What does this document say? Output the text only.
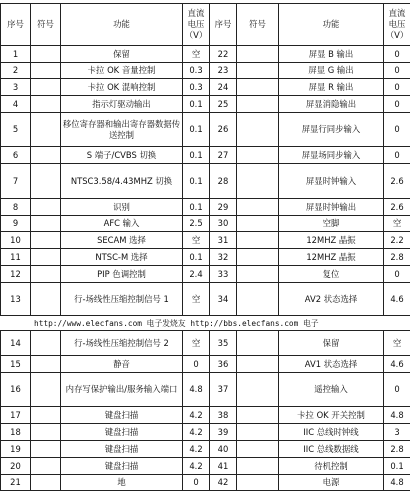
序号	符号	功能	直流电压（V）	序号	符号	功能	直流电压（V）
1		保留	空	22		屏显 B 输出	0
2		卡拉 OK 音量控制	0.3	23		屏显 G 输出	0
3		卡拉 OK 混响控制	0.3	24		屏显 R 输出	0
4		指示灯驱动输出	0.1	25		屏显消隐输出	0
5		移位寄存器和输出寄存器数据传送控制	0.1	26		屏显行同步输入	0
6		S 端子/CVBS 切换	0.1	27		屏显场同步输入	0
7		NTSC3.58/4.43MHZ 切换	0.1	28		屏显时钟输入	2.6
8		识别	0.1	29		屏显时钟输出	2.6
9		AFC 输入	2.5	30		空脚	空
10		SECAM 选择	空	31		12MHZ 晶振	2.2
11		NTSC-M 选择	0.1	32		12MHZ 晶振	2.8
12		PIP 色调控制	2.4	33		复位	0
13		行-场线性压缩控制信号 1	空	34		AV2 状态选择	4.6
http://www.elecfans.com 电子发烧友 http://bbs.elecfans.com 电子
14		行-场线性压缩控制信号 2	空	35		保留	空
15		静音	0	36		AV1 状态选择	4.6
16		内存写保护输出/服务输入端口	4.8	37		遥控输入	0
17		键盘扫描	4.2	38		卡拉 OK 开关控制	4.8
18		键盘扫描	4.2	39		IIC 总线时钟线	3
19		键盘扫描	4.2	40		IIC 总线数据线	2.8
20		键盘扫描	4.2	41		待机控制	0.1
21		地	0	42		电源	4.8
